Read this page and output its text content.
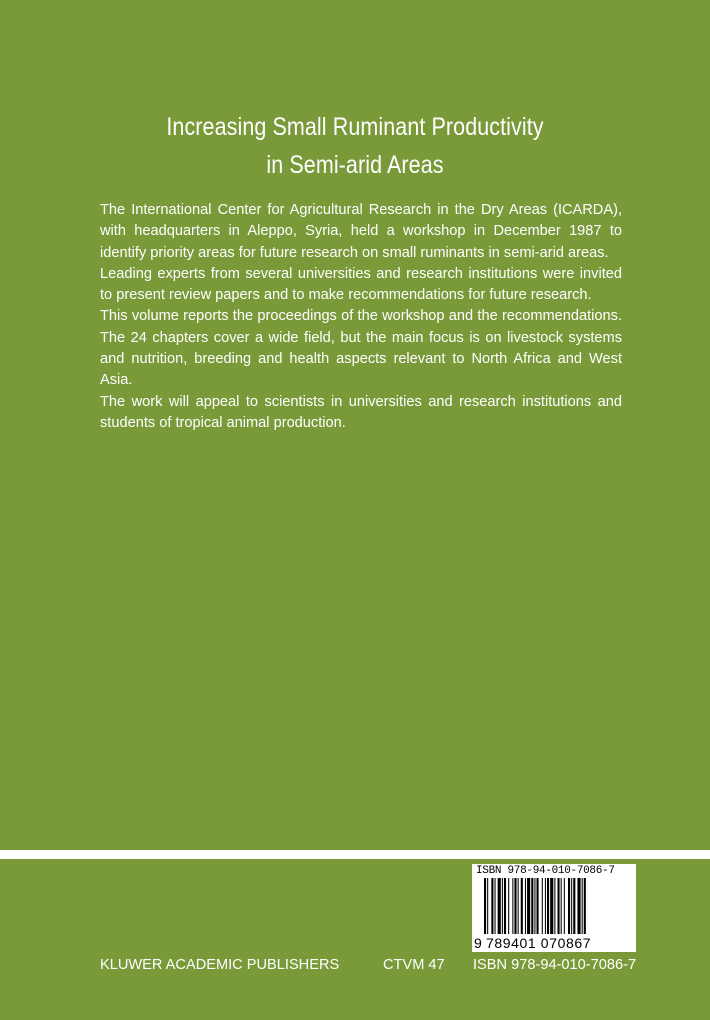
Increasing Small Ruminant Productivity
in Semi-arid Areas

The International Center for Agricultural Research in the Dry Areas (ICARDA), with headquarters in Aleppo, Syria, held a workshop in December 1987 to identify priority areas for future research on small ruminants in semi-arid areas.

Leading experts from several universities and research institutions were invited to present review papers and to make recommendations for future research.

This volume reports the proceedings of the workshop and the recommendations. The 24 chapters cover a wide field, but the main focus is on livestock systems and nutrition, breeding and health aspects relevant to North Africa and West Asia.

The work will appeal to scientists in universities and research institutions and students of tropical animal production.

ISBN 978-94-010-7086-7
9 789401 070867
KLUWER ACADEMIC PUBLISHERS	CTVM 47 ISBN 978-94-010-7086-7
